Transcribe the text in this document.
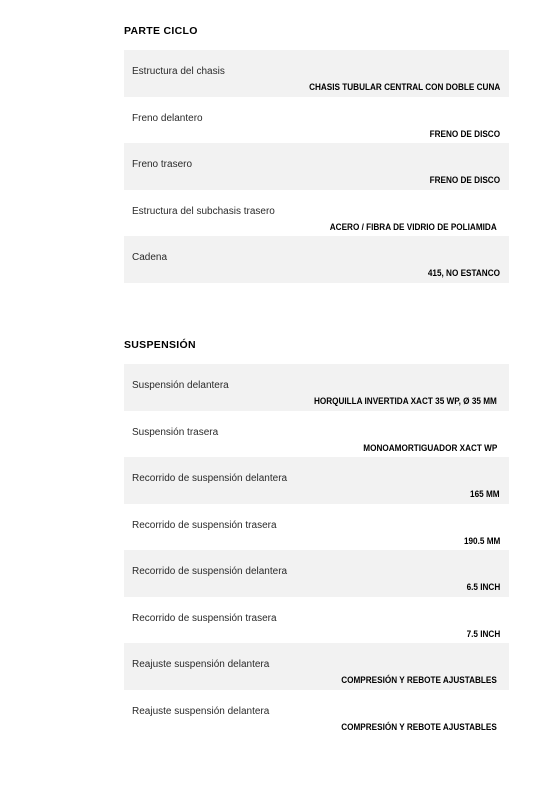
PARTE CICLO
Estructura del chasis
CHASIS TUBULAR CENTRAL CON DOBLE CUNA
Freno delantero
FRENO DE DISCO
Freno trasero
FRENO DE DISCO
Estructura del subchasis trasero
ACERO / FIBRA DE VIDRIO DE POLIAMIDA
Cadena
415, NO ESTANCO
SUSPENSIÓN
Suspensión delantera
HORQUILLA INVERTIDA XACT 35 WP, Ø 35 MM
Suspensión trasera
MONOAMORTIGUADOR XACT WP
Recorrido de suspensión delantera
165 MM
Recorrido de suspensión trasera
190.5 MM
Recorrido de suspensión delantera
6.5 INCH
Recorrido de suspensión trasera
7.5 INCH
Reajuste suspensión delantera
COMPRESIÓN Y REBOTE AJUSTABLES
Reajuste suspensión delantera
COMPRESIÓN Y REBOTE AJUSTABLES
